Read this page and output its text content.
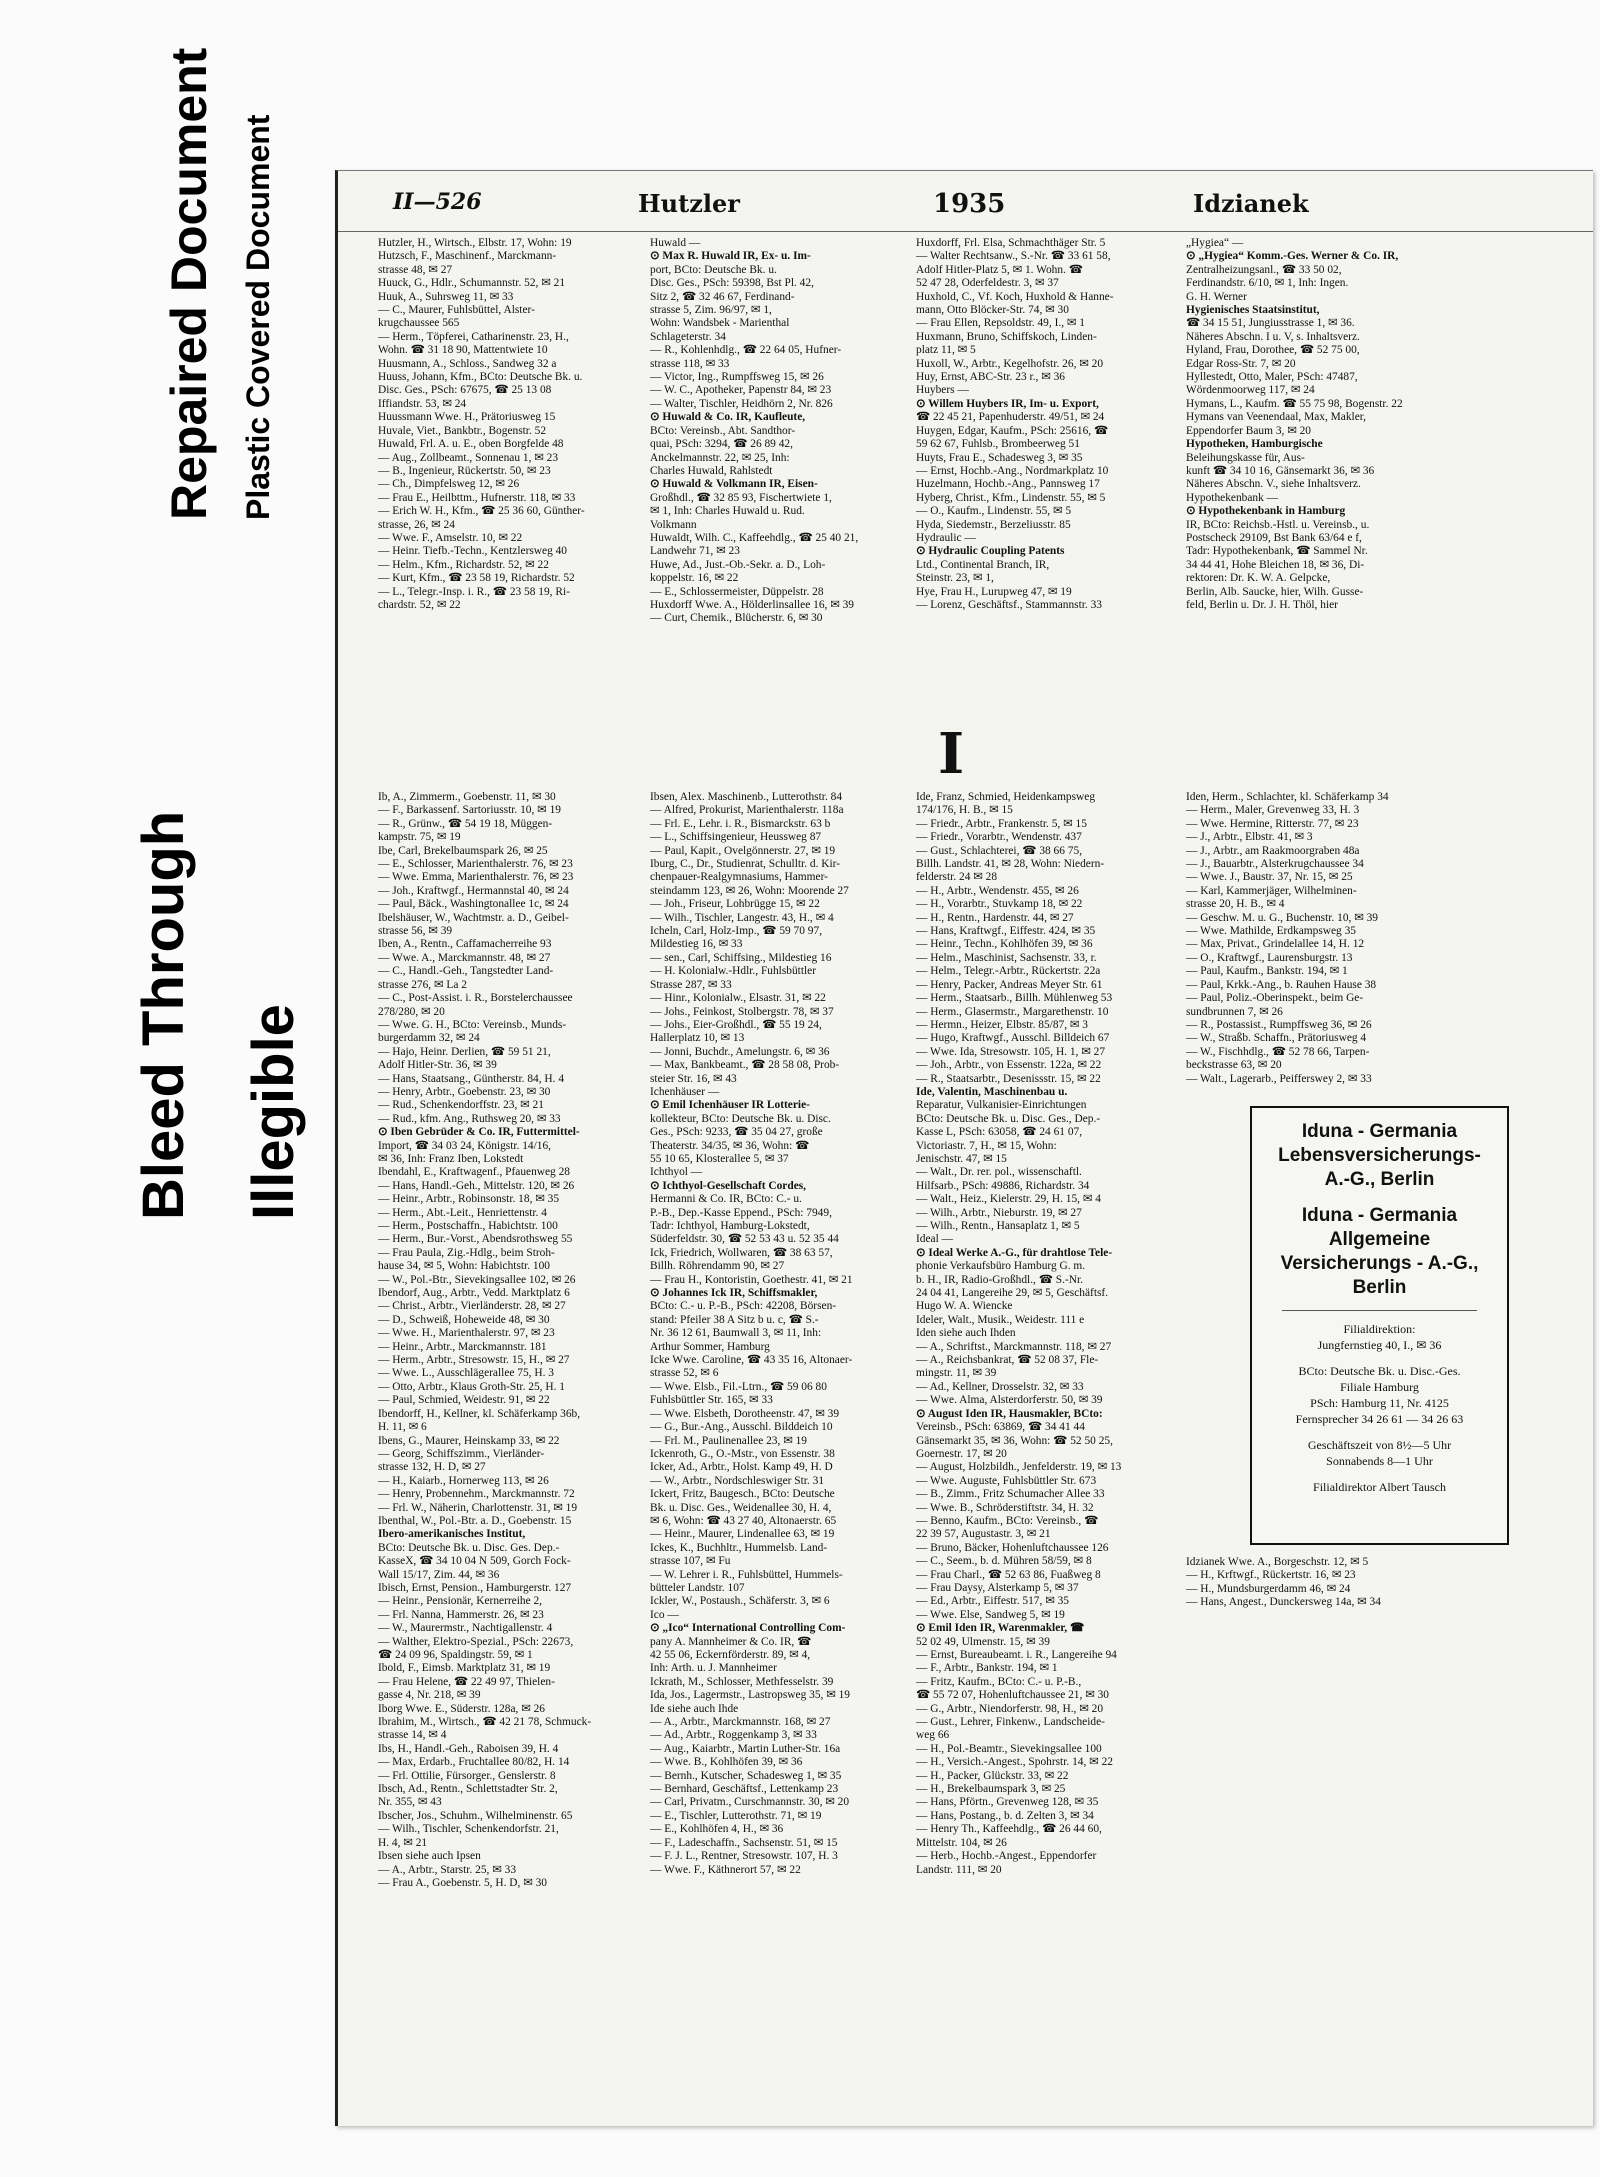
Bleed Through
Repaired Document
Illegible
Plastic Covered Document	II—526	Hutzler	1935	Idzianek
Hutzler, H., Wirtsch., Elbstr. 17, Wohn: 19
Hutzsch, F., Maschinenf., Marckmann-
strasse 48, ✉ 27
Huuck, G., Hdlr., Schumannstr. 52, ✉ 21
Huuk, A., Suhrsweg 11, ✉ 33
— C., Maurer, Fuhlsbüttel, Alster-
krugchaussee 565
— Herm., Töpferei, Catharinenstr. 23, H.,
Wohn. ☎ 31 18 90, Mattentwiete 10
Huusmann, A., Schloss., Sandweg 32 a
Huuss, Johann, Kfm., BCto: Deutsche Bk. u.
Disc. Ges., PSch: 67675, ☎ 25 13 08
Iffiandstr. 53, ✉ 24
Huussmann Wwe. H., Prätoriusweg 15
Huvale, Viet., Bankbtr., Bogenstr. 52
Huwald, Frl. A. u. E., oben Borgfelde 48
— Aug., Zollbeamt., Sonnenau 1, ✉ 23
— B., Ingenieur, Rückertstr. 50, ✉ 23
— Ch., Dimpfelsweg 12, ✉ 26
— Frau E., Heilbttm., Hufnerstr. 118, ✉ 33
— Erich W. H., Kfm., ☎ 25 36 60, Günther-
strasse, 26, ✉ 24
— Wwe. F., Amselstr. 10, ✉ 22
— Heinr. Tiefb.-Techn., Kentzlersweg 40
— Helm., Kfm., Richardstr. 52, ✉ 22
— Kurt, Kfm., ☎ 23 58 19, Richardstr. 52
— L., Telegr.-Insp. i. R., ☎ 23 58 19, Ri-
chardstr. 52, ✉ 22
Huwald —
⊙ Max R. Huwald IR, Ex- u. Im-
port, BCto: Deutsche Bk. u.
Disc. Ges., PSch: 59398, Bst Pl. 42,
Sitz 2, ☎ 32 46 67, Ferdinand-
strasse 5, Zim. 96/97, ✉ 1,
Wohn: Wandsbek - Marienthal
Schlageterstr. 34
— R., Kohlenhdlg., ☎ 22 64 05, Hufner-
strasse 118, ✉ 33
— Victor, Ing., Rumpffsweg 15, ✉ 26
— W. C., Apotheker, Papenstr 84, ✉ 23
— Walter, Tischler, Heidhörn 2, Nr. 826
⊙ Huwald & Co. IR, Kaufleute,
BCto: Vereinsb., Abt. Sandthor-
quai, PSch: 3294, ☎ 26 89 42,
Anckelmannstr. 22, ✉ 25, Inh:
Charles Huwald, Rahlstedt
⊙ Huwald & Volkmann IR, Eisen-
Großhdl., ☎ 32 85 93, Fischertwiete 1,
✉ 1, Inh: Charles Huwald u. Rud.
Volkmann
Huwaldt, Wilh. C., Kaffeehdlg., ☎ 25 40 21,
Landwehr 71, ✉ 23
Huwe, Ad., Just.-Ob.-Sekr. a. D., Loh-
koppelstr. 16, ✉ 22
— E., Schlossermeister, Düppelstr. 28
Huxdorff Wwe. A., Hölderlinsallee 16, ✉ 39
— Curt, Chemik., Blücherstr. 6, ✉ 30
Huxdorff, Frl. Elsa, Schmachthäger Str. 5
— Walter Rechtsanw., S.-Nr. ☎ 33 61 58,
Adolf Hitler-Platz 5, ✉ 1. Wohn. ☎
52 47 28, Oderfeldestr. 3, ✉ 37
Huxhold, C., Vf. Koch, Huxhold & Hanne-
mann, Otto Blöcker-Str. 74, ✉ 30
— Frau Ellen, Repsoldstr. 49, I., ✉ 1
Huxmann, Bruno, Schiffskoch, Linden-
platz 11, ✉ 5
Huxoll, W., Arbtr., Kegelhofstr. 26, ✉ 20
Huy, Ernst, ABC-Str. 23 r., ✉ 36
Huybers —
⊙ Willem Huybers IR, Im- u. Export,
☎ 22 45 21, Papenhuderstr. 49/51, ✉ 24
Huygen, Edgar, Kaufm., PSch: 25616, ☎
59 62 67, Fuhlsb., Brombeerweg 51
Huyts, Frau E., Schadesweg 3, ✉ 35
— Ernst, Hochb.-Ang., Nordmarkplatz 10
Huzelmann, Hochb.-Ang., Pannsweg 17
Hyberg, Christ., Kfm., Lindenstr. 55, ✉ 5
— O., Kaufm., Lindenstr. 55, ✉ 5
Hyda, Siedemstr., Berzeliusstr. 85
Hydraulic —
⊙ Hydraulic Coupling Patents
Ltd., Continental Branch, IR,
Steinstr. 23, ✉ 1,
Hye, Frau H., Lurupweg 47, ✉ 19
— Lorenz, Geschäftsf., Stammannstr. 33
„Hygiea“ —
⊙ „Hygiea“ Komm.-Ges. Werner & Co. IR,
Zentralheizungsanl., ☎ 33 50 02,
Ferdinandstr. 6/10, ✉ 1, Inh: Ingen.
G. H. Werner
Hygienisches Staatsinstitut,
☎ 34 15 51, Jungiusstrasse 1, ✉ 36.
Näheres Abschn. I u. V, s. Inhaltsverz.
Hyland, Frau, Dorothee, ☎ 52 75 00,
Edgar Ross-Str. 7, ✉ 20
Hyllestedt, Otto, Maler, PSch: 47487,
Wördenmoorweg 117, ✉ 24
Hymans, L., Kaufm. ☎ 55 75 98, Bogenstr. 22
Hymans van Veenendaal, Max, Makler,
Eppendorfer Baum 3, ✉ 20
Hypotheken, Hamburgische
Beleihungskasse für, Aus-
kunft ☎ 34 10 16, Gänsemarkt 36, ✉ 36
Näheres Abschn. V., siehe Inhaltsverz.
Hypothekenbank —
⊙ Hypothekenbank in Hamburg
IR, BCto: Reichsb.-Hstl. u. Vereinsb., u.
Postscheck 29109, Bst Bank 63/64 e f,
Tadr: Hypothekenbank, ☎ Sammel Nr.
34 44 41, Hohe Bleichen 18, ✉ 36, Di-
rektoren: Dr. K. W. A. Gelpcke,
Berlin, Alb. Saucke, hier, Wilh. Gusse-
feld, Berlin u. Dr. J. H. Thöl, hier
I
Ib, A., Zimmerm., Goebenstr. 11, ✉ 30
— F., Barkassenf. Sartoriusstr. 10, ✉ 19
— R., Grünw., ☎ 54 19 18, Müggen-
kampstr. 75, ✉ 19
Ibe, Carl, Brekelbaumspark 26, ✉ 25
— E., Schlosser, Marienthalerstr. 76, ✉ 23
— Wwe. Emma, Marienthalerstr. 76, ✉ 23
— Joh., Kraftwgf., Hermannstal 40, ✉ 24
— Paul, Bäck., Washingtonallee 1c, ✉ 24
Ibelshäuser, W., Wachtmstr. a. D., Geibel-
strasse 56, ✉ 39
Iben, A., Rentn., Caffamacherreihe 93
— Wwe. A., Marckmannstr. 48, ✉ 27
— C., Handl.-Geh., Tangstedter Land-
strasse 276, ✉ La 2
— C., Post-Assist. i. R., Borstelerchaussee
278/280, ✉ 20
— Wwe. G. H., BCto: Vereinsb., Munds-
burgerdamm 32, ✉ 24
— Hajo, Heinr. Derlien, ☎ 59 51 21,
Adolf Hitler-Str. 36, ✉ 39
— Hans, Staatsang., Güntherstr. 84, H. 4
— Henry, Arbtr., Goebenstr. 23, ✉ 30
— Rud., Schenkendorffstr. 23, ✉ 21
— Rud., kfm. Ang., Ruthsweg 20, ✉ 33
⊙ Iben Gebrüder & Co. IR, Futtermittel-
Import, ☎ 34 03 24, Königstr. 14/16,
✉ 36, Inh: Franz Iben, Lokstedt
Ibendahl, E., Kraftwagenf., Pfauenweg 28
— Hans, Handl.-Geh., Mittelstr. 120, ✉ 26
— Heinr., Arbtr., Robinsonstr. 18, ✉ 35
— Herm., Abt.-Leit., Henriettenstr. 4
— Herm., Postschaffn., Habichtstr. 100
— Herm., Bur.-Vorst., Abendsrothsweg 55
— Frau Paula, Zig.-Hdlg., beim Stroh-
hause 34, ✉ 5, Wohn: Habichtstr. 100
— W., Pol.-Btr., Sievekingsallee 102, ✉ 26
Ibendorf, Aug., Arbtr., Vedd. Marktplatz 6
— Christ., Arbtr., Vierländerstr. 28, ✉ 27
— D., Schweiß, Hoheweide 48, ✉ 30
— Wwe. H., Marienthalerstr. 97, ✉ 23
— Heinr., Arbtr., Marckmannstr. 181
— Herm., Arbtr., Stresowstr. 15, H., ✉ 27
— Wwe. L., Ausschlägerallee 75, H. 3
— Otto, Arbtr., Klaus Groth-Str. 25, H. 1
— Paul, Schmied, Weidestr. 91, ✉ 22
Ibendorff, H., Kellner, kl. Schäferkamp 36b,
H. 11, ✉ 6
Ibens, G., Maurer, Heinskamp 33, ✉ 22
— Georg, Schiffszimm., Vierländer-
strasse 132, H. D, ✉ 27
— H., Kaiarb., Hornerweg 113, ✉ 26
— Henry, Probennehm., Marckmannstr. 72
— Frl. W., Näherin, Charlottenstr. 31, ✉ 19
Ibenthal, W., Pol.-Btr. a. D., Goebenstr. 15
Ibero-amerikanisches Institut,
BCto: Deutsche Bk. u. Disc. Ges. Dep.-
KasseX, ☎ 34 10 04 N 509, Gorch Fock-
Wall 15/17, Zim. 44, ✉ 36
Ibisch, Ernst, Pension., Hamburgerstr. 127
— Heinr., Pensionär, Kernerreihe 2,
— Frl. Nanna, Hammerstr. 26, ✉ 23
— W., Maurermstr., Nachtigallenstr. 4
— Walther, Elektro-Spezial., PSch: 22673,
☎ 24 09 96, Spaldingstr. 59, ✉ 1
Ibold, F., Eimsb. Marktplatz 31, ✉ 19
— Frau Helene, ☎ 22 49 97, Thielen-
gasse 4, Nr. 218, ✉ 39
Iborg Wwe. E., Süderstr. 128a, ✉ 26
Ibrahim, M., Wirtsch., ☎ 42 21 78, Schmuck-
strasse 14, ✉ 4
Ibs, H., Handl.-Geh., Raboisen 39, H. 4
— Max, Erdarb., Fruchtallee 80/82, H. 14
— Frl. Ottilie, Fürsorger., Genslerstr. 8
Ibsch, Ad., Rentn., Schlettstadter Str. 2,
Nr. 355, ✉ 43
Ibscher, Jos., Schuhm., Wilhelminenstr. 65
— Wilh., Tischler, Schenkendorfstr. 21,
H. 4, ✉ 21
Ibsen siehe auch Ipsen
— A., Arbtr., Starstr. 25, ✉ 33
— Frau A., Goebenstr. 5, H. D, ✉ 30
Ibsen, Alex. Maschinenb., Lutterothstr. 84
— Alfred, Prokurist, Marienthalerstr. 118a
— Frl. E., Lehr. i. R., Bismarckstr. 63 b
— L., Schiffsingenieur, Heussweg 87
— Paul, Kapit., Ovelgönnerstr. 27, ✉ 19
Iburg, C., Dr., Studienrat, Schulltr. d. Kir-
chenpauer-Realgymnasiums, Hammer-
steindamm 123, ✉ 26, Wohn: Moorende 27
— Joh., Friseur, Lohbrügge 15, ✉ 22
— Wilh., Tischler, Langestr. 43, H., ✉ 4
Icheln, Carl, Holz-Imp., ☎ 59 70 97,
Mildestieg 16, ✉ 33
— sen., Carl, Schiffsing., Mildestieg 16
— H. Kolonialw.-Hdlr., Fuhlsbüttler
Strasse 287, ✉ 33
— Hinr., Kolonialw., Elsastr. 31, ✉ 22
— Johs., Feinkost, Stolbergstr. 78, ✉ 37
— Johs., Eier-Großhdl., ☎ 55 19 24,
Hallerplatz 10, ✉ 13
— Jonni, Buchdr., Amelungstr. 6, ✉ 36
— Max, Bankbeamt., ☎ 28 58 08, Prob-
steier Str. 16, ✉ 43
Ichenhäuser —
⊙ Emil Ichenhäuser IR Lotterie-
kollekteur, BCto: Deutsche Bk. u. Disc.
Ges., PSch: 9233, ☎ 35 04 27, große
Theaterstr. 34/35, ✉ 36, Wohn: ☎
55 10 65, Klosterallee 5, ✉ 37
Ichthyol —
⊙ Ichthyol-Gesellschaft Cordes,
Hermanni & Co. IR, BCto: C.- u.
P.-B., Dep.-Kasse Eppend., PSch: 7949,
Tadr: Ichthyol, Hamburg-Lokstedt,
Süderfeldstr. 30, ☎ 52 53 43 u. 52 35 44
Ick, Friedrich, Wollwaren, ☎ 38 63 57,
Billh. Röhrendamm 90, ✉ 27
— Frau H., Kontoristin, Goethestr. 41, ✉ 21
⊙ Johannes Ick IR, Schiffsmakler,
BCto: C.- u. P.-B., PSch: 42208, Börsen-
stand: Pfeiler 38 A Sitz b u. c, ☎ S.-
Nr. 36 12 61, Baumwall 3, ✉ 11, Inh:
Arthur Sommer, Hamburg
Icke Wwe. Caroline, ☎ 43 35 16, Altonaer-
strasse 52, ✉ 6
— Wwe. Elsb., Fil.-Ltrn., ☎ 59 06 80
Fuhlsbüttler Str. 165, ✉ 33
— Wwe. Elsbeth, Dorotheenstr. 47, ✉ 39
— G., Bur.-Ang., Ausschl. Bilddeich 10
— Frl. M., Paulinenallee 23, ✉ 19
Ickenroth, G., O.-Mstr., von Essenstr. 38
Icker, Ad., Arbtr., Holst. Kamp 49, H. D
— W., Arbtr., Nordschleswiger Str. 31
Ickert, Fritz, Baugesch., BCto: Deutsche
Bk. u. Disc. Ges., Weidenallee 30, H. 4,
✉ 6, Wohn: ☎ 43 27 40, Altonaerstr. 65
— Heinr., Maurer, Lindenallee 63, ✉ 19
Ickes, K., Buchhltr., Hummelsb. Land-
strasse 107, ✉ Fu
— W. Lehrer i. R., Fuhlsbüttel, Hummels-
bütteler Landstr. 107
Ickler, W., Postaush., Schäferstr. 3, ✉ 6
Ico —
⊙ „Ico“ International Controlling Com-
pany A. Mannheimer & Co. IR, ☎
42 55 06, Eckernförderstr. 89, ✉ 4,
Inh: Arth. u. J. Mannheimer
Ickrath, M., Schlosser, Methfesselstr. 39
Ida, Jos., Lagermstr., Lastropsweg 35, ✉ 19
Ide siehe auch Ihde
— A., Arbtr., Marckmannstr. 168, ✉ 27
— Ad., Arbtr., Roggenkamp 3, ✉ 33
— Aug., Kaiarbtr., Martin Luther-Str. 16a
— Wwe. B., Kohlhöfen 39, ✉ 36
— Bernh., Kutscher, Schadesweg 1, ✉ 35
— Bernhard, Geschäftsf., Lettenkamp 23
— Carl, Privatm., Curschmannstr. 30, ✉ 20
— E., Tischler, Lutterothstr. 71, ✉ 19
— E., Kohlhöfen 4, H., ✉ 36
— F., Ladeschaffn., Sachsenstr. 51, ✉ 15
— F. J. L., Rentner, Stresowstr. 107, H. 3
— Wwe. F., Käthnerort 57, ✉ 22
Ide, Franz, Schmied, Heidenkampsweg
174/176, H. B., ✉ 15
— Friedr., Arbtr., Frankenstr. 5, ✉ 15
— Friedr., Vorarbtr., Wendenstr. 437
— Gust., Schlachterei, ☎ 38 66 75,
Billh. Landstr. 41, ✉ 28, Wohn: Niedern-
felderstr. 24 ✉ 28
— H., Arbtr., Wendenstr. 455, ✉ 26
— H., Vorarbtr., Stuvkamp 18, ✉ 22
— H., Rentn., Hardenstr. 44, ✉ 27
— Hans, Kraftwgf., Eiffestr. 424, ✉ 35
— Heinr., Techn., Kohlhöfen 39, ✉ 36
— Helm., Maschinist, Sachsenstr. 33, r.
— Helm., Telegr.-Arbtr., Rückertstr. 22a
— Henry, Packer, Andreas Meyer Str. 61
— Herm., Staatsarb., Billh. Mühlenweg 53
— Herm., Glasermstr., Margarethenstr. 10
— Hermn., Heizer, Elbstr. 85/87, ✉ 3
— Hugo, Kraftwgf., Ausschl. Billdeich 67
— Wwe. Ida, Stresowstr. 105, H. 1, ✉ 27
— Joh., Arbtr., von Essenstr. 122a, ✉ 22
— R., Staatsarbtr., Desenissstr. 15, ✉ 22
Ide, Valentin, Maschinenbau u.
Reparatur, Vulkanisier-Einrichtungen
BCto: Deutsche Bk. u. Disc. Ges., Dep.-
Kasse L, PSch: 63058, ☎ 24 61 07,
Victoriastr. 7, H., ✉ 15, Wohn:
Jenischstr. 47, ✉ 15
— Walt., Dr. rer. pol., wissenschaftl.
Hilfsarb., PSch: 49886, Richardstr. 34
— Walt., Heiz., Kielerstr. 29, H. 15, ✉ 4
— Wilh., Arbtr., Nieburstr. 19, ✉ 27
— Wilh., Rentn., Hansaplatz 1, ✉ 5
Ideal —
⊙ Ideal Werke A.-G., für drahtlose Tele-
phonie Verkaufsbüro Hamburg G. m.
b. H., IR, Radio-Großhdl., ☎ S.-Nr.
24 04 41, Langereihe 29, ✉ 5, Geschäftsf.
Hugo W. A. Wiencke
Ideler, Walt., Musik., Weidestr. 111 e
Iden siehe auch Ihden
— A., Schriftst., Marckmannstr. 118, ✉ 27
— A., Reichsbankrat, ☎ 52 08 37, Fle-
mingstr. 11, ✉ 39
— Ad., Kellner, Drosselstr. 32, ✉ 33
— Wwe. Alma, Alsterdorferstr. 50, ✉ 39
⊙ August Iden IR, Hausmakler, BCto:
Vereinsb., PSch: 63869, ☎ 34 41 44
Gänsemarkt 35, ✉ 36, Wohn: ☎ 52 50 25,
Goernestr. 17, ✉ 20
— August, Holzbildh., Jenfelderstr. 19, ✉ 13
— Wwe. Auguste, Fuhlsbüttler Str. 673
— B., Zimm., Fritz Schumacher Allee 33
— Wwe. B., Schröderstiftstr. 34, H. 32
— Benno, Kaufm., BCto: Vereinsb., ☎
22 39 57, Augustastr. 3, ✉ 21
— Bruno, Bäcker, Hohenluftchaussee 126
— C., Seem., b. d. Mühren 58/59, ✉ 8
— Frau Charl., ☎ 52 63 86, Fuaßweg 8
— Frau Daysy, Alsterkamp 5, ✉ 37
— Ed., Arbtr., Eiffestr. 517, ✉ 35
— Wwe. Else, Sandweg 5, ✉ 19
⊙ Emil Iden IR, Warenmakler, ☎
52 02 49, Ulmenstr. 15, ✉ 39
— Ernst, Bureaubeamt. i. R., Langereihe 94
— F., Arbtr., Bankstr. 194, ✉ 1
— Fritz, Kaufm., BCto: C.- u. P.-B.,
☎ 55 72 07, Hohenluftchaussee 21, ✉ 30
— G., Arbtr., Niendorferstr. 98, H., ✉ 20
— Gust., Lehrer, Finkenw., Landscheide-
weg 66
— H., Pol.-Beamtr., Sievekingsallee 100
— H., Versich.-Angest., Spohrstr. 14, ✉ 22
— H., Packer, Glückstr. 33, ✉ 22
— H., Brekelbaumspark 3, ✉ 25
— Hans, Pförtn., Grevenweg 128, ✉ 35
— Hans, Postang., b. d. Zelten 3, ✉ 34
— Henry Th., Kaffeehdlg., ☎ 26 44 60,
Mittelstr. 104, ✉ 26
— Herb., Hochb.-Angest., Eppendorfer
Landstr. 111, ✉ 20
Iden, Herm., Schlachter, kl. Schäferkamp 34
— Herm., Maler, Grevenweg 33, H. 3
— Wwe. Hermine, Ritterstr. 77, ✉ 23
— J., Arbtr., Elbstr. 41, ✉ 3
— J., Arbtr., am Raakmoorgraben 48a
— J., Bauarbtr., Alsterkrugchaussee 34
— Wwe. J., Baustr. 37, Nr. 15, ✉ 25
— Karl, Kammerjäger, Wilhelminen-
strasse 20, H. B., ✉ 4
— Geschw. M. u. G., Buchenstr. 10, ✉ 39
— Wwe. Mathilde, Erdkampsweg 35
— Max, Privat., Grindelallee 14, H. 12
— O., Kraftwgf., Laurensburgstr. 13
— Paul, Kaufm., Bankstr. 194, ✉ 1
— Paul, Krkk.-Ang., b. Rauhen Hause 38
— Paul, Poliz.-Oberinspekt., beim Ge-
sundbrunnen 7, ✉ 26
— R., Postassist., Rumpffsweg 36, ✉ 26
— W., Straßb. Schaffn., Prätoriusweg 4
— W., Fischhdlg., ☎ 52 78 66, Tarpen-
beckstrasse 63, ✉ 20
— Walt., Lagerarb., Peifferswey 2, ✉ 33
Iduna - Germania
Lebensversicherungs-
A.-G., Berlin
Iduna - Germania
Allgemeine
Versicherungs - A.-G.,
Berlin
Filialdirektion:
Jungfernstieg 40, I., ✉ 36
BCto: Deutsche Bk. u. Disc.-Ges.
Filiale Hamburg
PSch: Hamburg 11, Nr. 4125
Fernsprecher 34 26 61 — 34 26 63
Geschäftszeit von 8½—5 Uhr
Sonnabends 8—1 Uhr
Filialdirektor Albert Tausch
Idzianek Wwe. A., Borgeschstr. 12, ✉ 5
— H., Krftwgf., Rückertstr. 16, ✉ 23
— H., Mundsburgerdamm 46, ✉ 24
— Hans, Angest., Dunckersweg 14a, ✉ 34
